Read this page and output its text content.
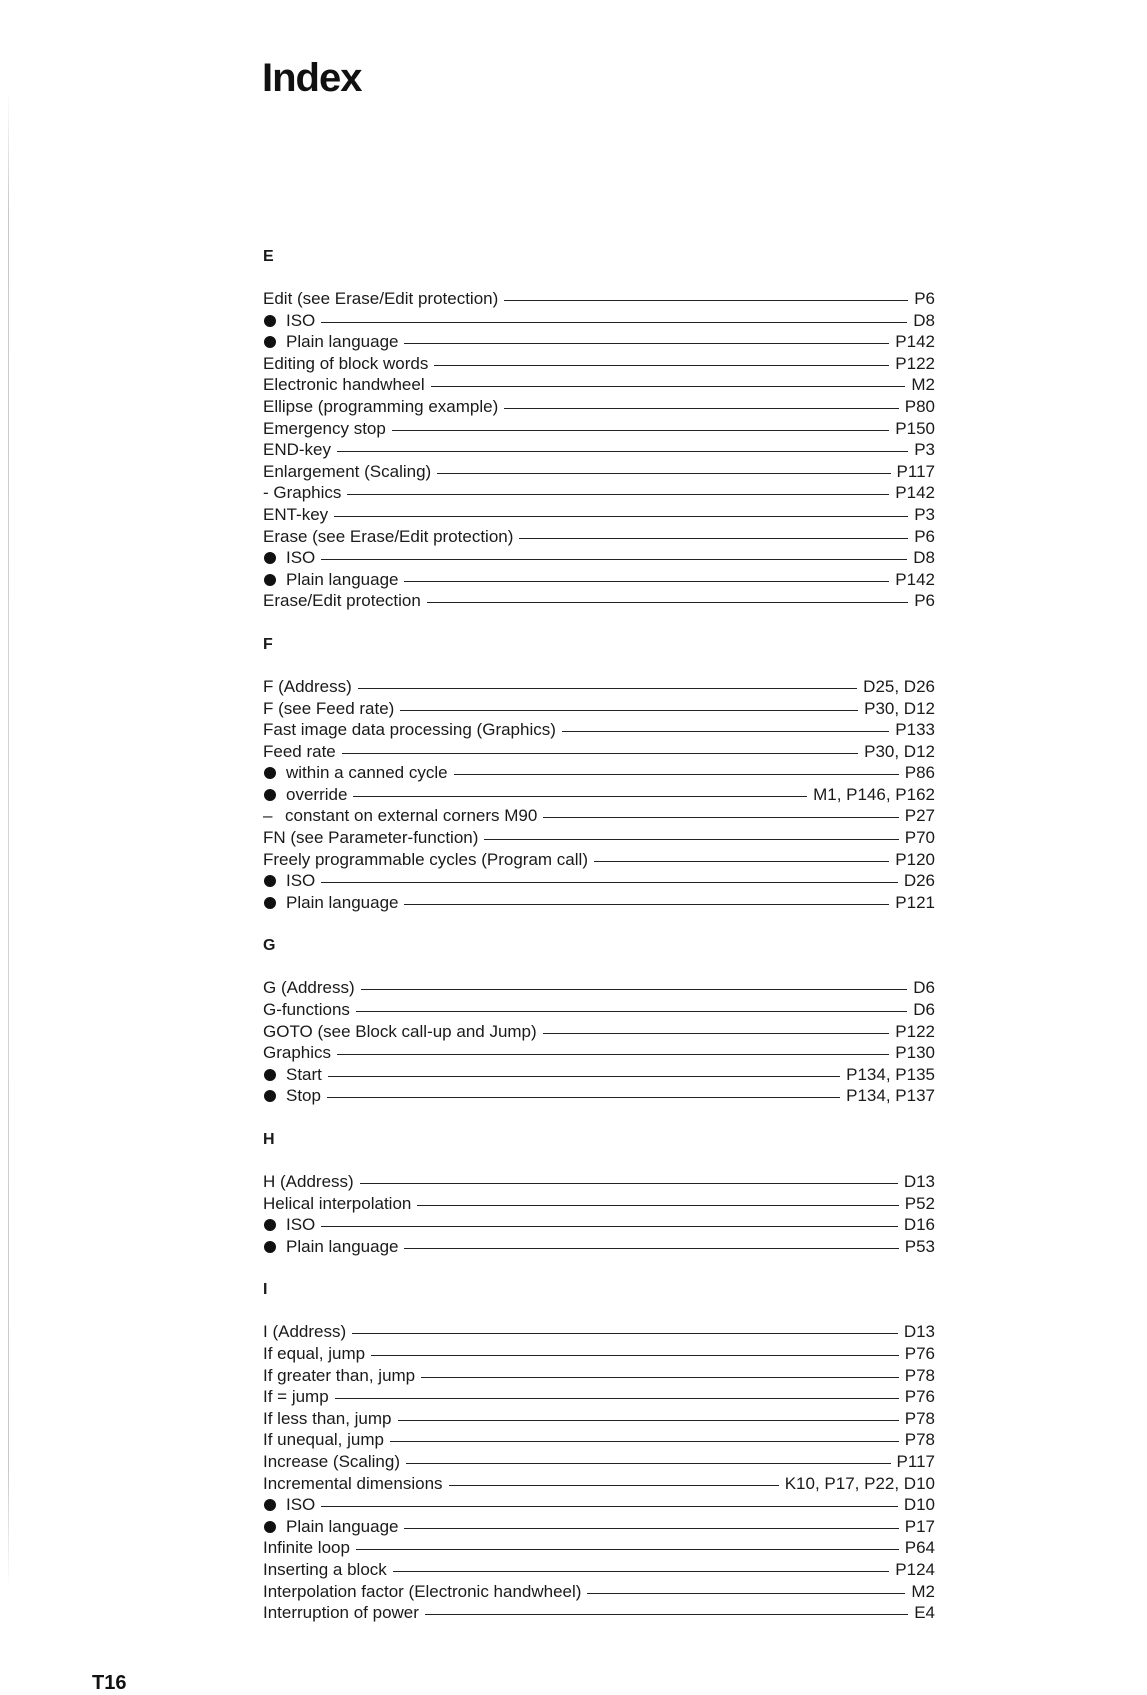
Index
E
Edit (see Erase/Edit protection)	P6
ISO	D8
Plain language	P142
Editing of block words	P122
Electronic handwheel	M2
Ellipse (programming example)	P80
Emergency stop	P150
END-key	P3
Enlargement (Scaling)	P117
- Graphics	P142
ENT-key	P3
Erase (see Erase/Edit protection)	P6
ISO	D8
Plain language	P142
Erase/Edit protection	P6
F
F (Address)	D25, D26
F (see Feed rate)	P30, D12
Fast image data processing (Graphics)	P133
Feed rate	P30, D12
within a canned cycle	P86
override	M1, P146, P162
– constant on external corners M90	P27
FN (see Parameter-function)	P70
Freely programmable cycles (Program call)	P120
ISO	D26
Plain language	P121
G
G (Address)	D6
G-functions	D6
GOTO (see Block call-up and Jump)	P122
Graphics	P130
Start	P134, P135
Stop	P134, P137
H
H (Address)	D13
Helical interpolation	P52
ISO	D16
Plain language	P53
I
I (Address)	D13
If equal, jump	P76
If greater than, jump	P78
If = jump	P76
If less than, jump	P78
If unequal, jump	P78
Increase (Scaling)	P117
Incremental dimensions	K10, P17, P22, D10
ISO	D10
Plain language	P17
Infinite loop	P64
Inserting a block	P124
Interpolation factor (Electronic handwheel)	M2
Interruption of power	E4
T16
